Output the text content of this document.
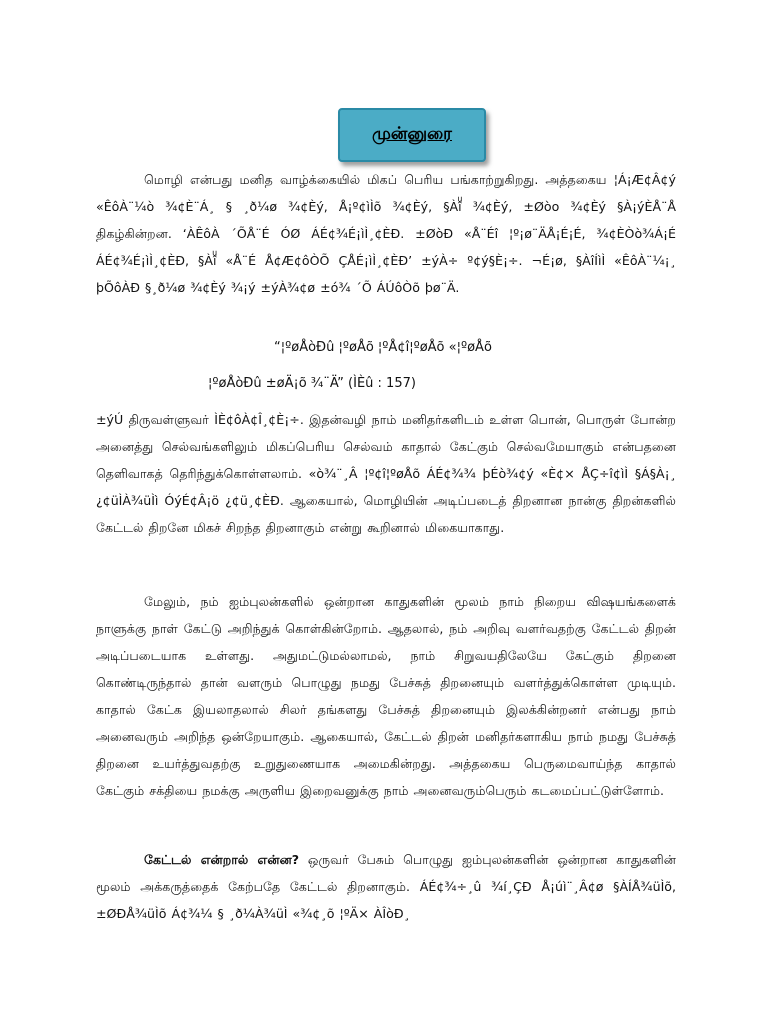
முன்னுரை

மொழி என்பது மனித வாழ்க்கையில் மிகப் பெரிய பங்காற்றுகிறது. அத்தகைய ¦Á¡Æ¢Â¢ý «ÊôÀ¨¼ò ¾¢È¨Á¸ § ¸ð¼ø ¾¢Èý, Å¡º¢ìÌõ ¾¢Èý, §Àîͧ ¾¢Èý, ±Øòо ¾¢Èý §À¡ýÈÅ¨Å திகழ்கின்றன. ‘ÀÊôÀ ´ÕÅ¨É ÓØ ÁÉ¢¾É¡ìÌ¸¢ÈÐ. ±ØòÐ «Å¨Éî ¦º¡ø¨ÄÅ¡É¡É, ¾¢ÈÒò¾Á¡É ÁÉ¢¾É¡ìÌ¸¢ÈÐ, §Àîͧ «Å¨É Å¢Æ¢ôÒÕ ÇÅÉ¡ìÌ¸¢ÈÐ’ ±ýÀ÷ º¢ý§È¡÷. ¬É¡ø, §ÀîÍìÌ «ÊôÀ¨¼¡¸ þÕôÀÐ §¸ð¼ø ¾¢Èý ¾¡ý ±ýÀ¾¢ø ±ó¾ ´Õ ÁÚôÒõ þø¨Ä.

“¦ºøÅòÐû ¦ºøÅõ ¦ºÅ¢î¦ºøÅõ «¦ºøÅõ
¦ºøÅòÐû ±øÄ¡õ ¾¨Ä” (ÌÈû : 157)

±ýÚ திருவள்ளுவர் ÌÈ¢ôÀ¢Î¸¢È¡÷. இதன்வழி நாம் மனிதர்களிடம் உள்ள பொன், பொருள் போன்ற அனைத்து செல்வங்களிலும் மிகப்பெரிய செல்வம் காதால் கேட்கும் செல்வமேயாகும் என்பதனை தெளிவாகத் தெரிந்துக்கொள்ளலாம். «ò¾¨¸Â ¦º¢î¦ºøÅõ ÁÉ¢¾¾ þÉò¾¢ý «È¢× ÅÇ÷î¢ìÌ §Á§À¡¸ ¿¢üÌÀ¾üÌì ÓýÉ¢Â¡ö ¿¢ü¸¢ÈÐ. ஆகையால், மொழியின் அடிப்படைத் திறனான நான்கு திறன்களில் கேட்டல் திறனே மிகச் சிறந்த திறனாகும் என்று கூறினால் மிகையாகாது.

மேலும், நம் ஐம்புலன்களில் ஒன்றான காதுகளின் மூலம் நாம் நிறைய விஷயங்களைக் நாளுக்கு நாள் கேட்டு அறிந்துக் கொள்கின்றோம். ஆதலால், நம் அறிவு வளர்வதற்கு கேட்டல் திறன் அடிப்படையாக உள்ளது. அதுமட்டுமல்லாமல், நாம் சிறுவயதிலேயே கேட்கும் திறனை கொண்டிருந்தால் தான் வளரும் பொழுது நமது பேச்சுத் திறனையும் வளர்த்துக்கொள்ள முடியும். காதால் கேட்க இயலாதலால் சிலர் தங்களது பேச்சுத் திறனையும் இலக்கின்றனர் என்பது நாம் அனைவரும் அறிந்த ஒன்றேயாகும். ஆகையால், கேட்டல் திறன் மனிதர்களாகிய நாம் நமது பேச்சுத் திறனை உயர்த்துவதற்கு உறுதுணையாக அமைகின்றது. அத்தகைய பெருமைவாய்ந்த காதால் கேட்கும் சக்தியை நமக்கு அருளிய இறைவனுக்கு நாம் அனைவரும்பெரும் கடமைப்பட்டுள்ளோம்.

கேட்டல் என்றால் என்ன? ஒருவர் பேசும் பொழுது ஐம்புலன்களின் ஒன்றான காதுகளின் மூலம் அக்கருத்தைக் கேற்பதே கேட்டல் திறனாகும். ÁÉ¢¾÷¸û ¾í¸ÇÐ Å¡úì¨¸Â¢ø §ÀÍÅ¾üÌõ, ±ØÐÅ¾üÌõ Á¢¾¼ § ¸ð¼À¾üÌ «¾¢¸õ ¦ºÄ× ÀÎòÐ¸
